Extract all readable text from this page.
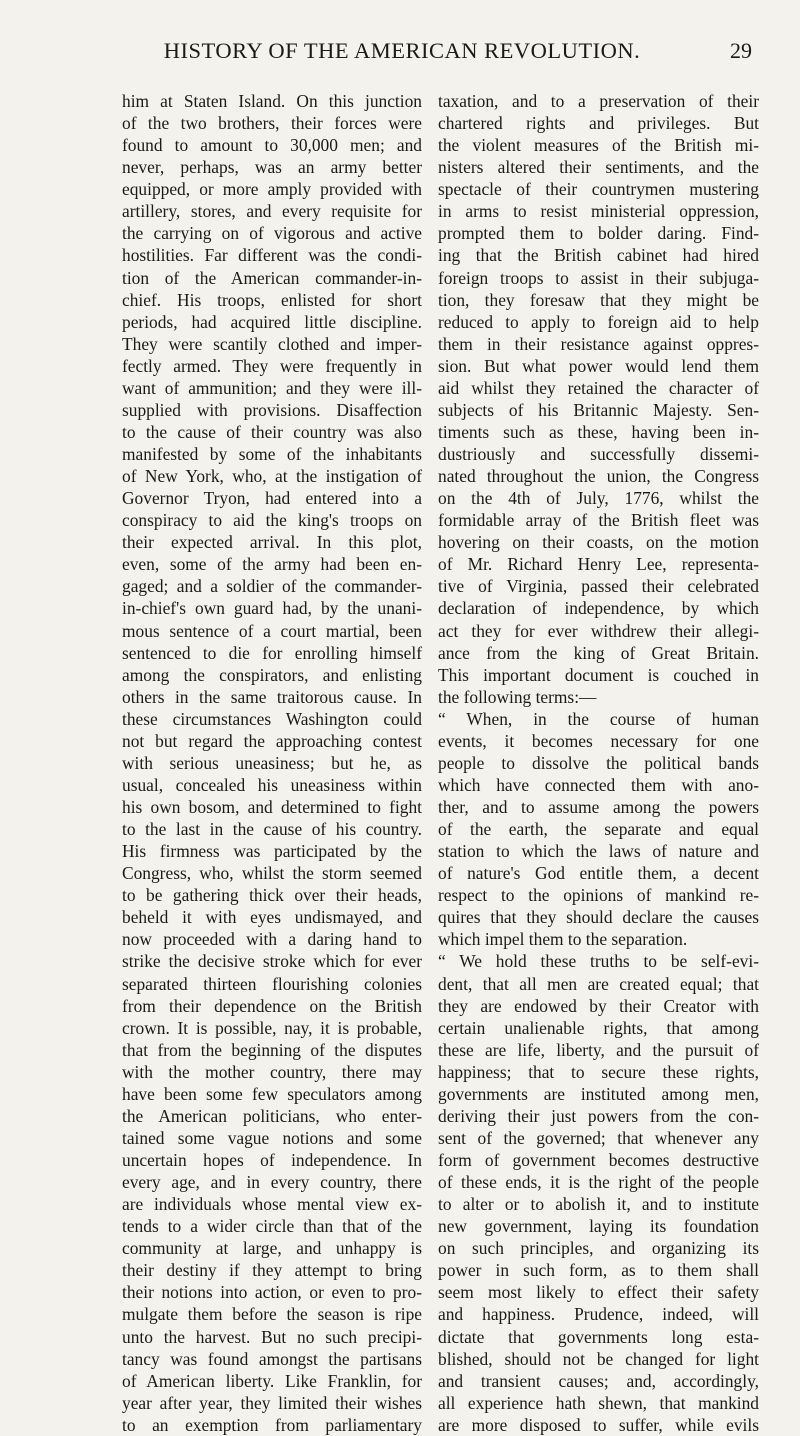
HISTORY OF THE AMERICAN REVOLUTION.	29
him at Staten Island. On this junction
of the two brothers, their forces were
found to amount to 30,000 men; and
never, perhaps, was an army better
equipped, or more amply provided with
artillery, stores, and every requisite for
the carrying on of vigorous and active
hostilities. Far different was the condi-
tion of the American commander-in-
chief. His troops, enlisted for short
periods, had acquired little discipline.
They were scantily clothed and imper-
fectly armed. They were frequently in
want of ammunition; and they were ill-
supplied with provisions. Disaffection
to the cause of their country was also
manifested by some of the inhabitants
of New York, who, at the instigation of
Governor Tryon, had entered into a
conspiracy to aid the king's troops on
their expected arrival. In this plot,
even, some of the army had been en-
gaged; and a soldier of the commander-
in-chief's own guard had, by the unani-
mous sentence of a court martial, been
sentenced to die for enrolling himself
among the conspirators, and enlisting
others in the same traitorous cause. In
these circumstances Washington could
not but regard the approaching contest
with serious uneasiness; but he, as
usual, concealed his uneasiness within
his own bosom, and determined to fight
to the last in the cause of his country.
His firmness was participated by the
Congress, who, whilst the storm seemed
to be gathering thick over their heads,
beheld it with eyes undismayed, and
now proceeded with a daring hand to
strike the decisive stroke which for ever
separated thirteen flourishing colonies
from their dependence on the British
crown. It is possible, nay, it is probable,
that from the beginning of the disputes
with the mother country, there may
have been some few speculators among
the American politicians, who enter-
tained some vague notions and some
uncertain hopes of independence. In
every age, and in every country, there
are individuals whose mental view ex-
tends to a wider circle than that of the
community at large, and unhappy is
their destiny if they attempt to bring
their notions into action, or even to pro-
mulgate them before the season is ripe
unto the harvest. But no such precipi-
tancy was found amongst the partisans
of American liberty. Like Franklin, for
year after year, they limited their wishes
to an exemption from parliamentary
taxation, and to a preservation of their
chartered rights and privileges. But
the violent measures of the British mi-
nisters altered their sentiments, and the
spectacle of their countrymen mustering
in arms to resist ministerial oppression,
prompted them to bolder daring. Find-
ing that the British cabinet had hired
foreign troops to assist in their subjuga-
tion, they foresaw that they might be
reduced to apply to foreign aid to help
them in their resistance against oppres-
sion. But what power would lend them
aid whilst they retained the character of
subjects of his Britannic Majesty. Sen-
timents such as these, having been in-
dustriously and successfully dissemi-
nated throughout the union, the Congress
on the 4th of July, 1776, whilst the
formidable array of the British fleet was
hovering on their coasts, on the motion
of Mr. Richard Henry Lee, representa-
tive of Virginia, passed their celebrated
declaration of independence, by which
act they for ever withdrew their allegi-
ance from the king of Great Britain.
This important document is couched in
the following terms:—
“ When, in the course of human
events, it becomes necessary for one
people to dissolve the political bands
which have connected them with ano-
ther, and to assume among the powers
of the earth, the separate and equal
station to which the laws of nature and
of nature's God entitle them, a decent
respect to the opinions of mankind re-
quires that they should declare the causes
which impel them to the separation.
“ We hold these truths to be self-evi-
dent, that all men are created equal; that
they are endowed by their Creator with
certain unalienable rights, that among
these are life, liberty, and the pursuit of
happiness; that to secure these rights,
governments are instituted among men,
deriving their just powers from the con-
sent of the governed; that whenever any
form of government becomes destructive
of these ends, it is the right of the people
to alter or to abolish it, and to institute
new government, laying its foundation
on such principles, and organizing its
power in such form, as to them shall
seem most likely to effect their safety
and happiness. Prudence, indeed, will
dictate that governments long esta-
blished, should not be changed for light
and transient causes; and, accordingly,
all experience hath shewn, that mankind
are more disposed to suffer, while evils
